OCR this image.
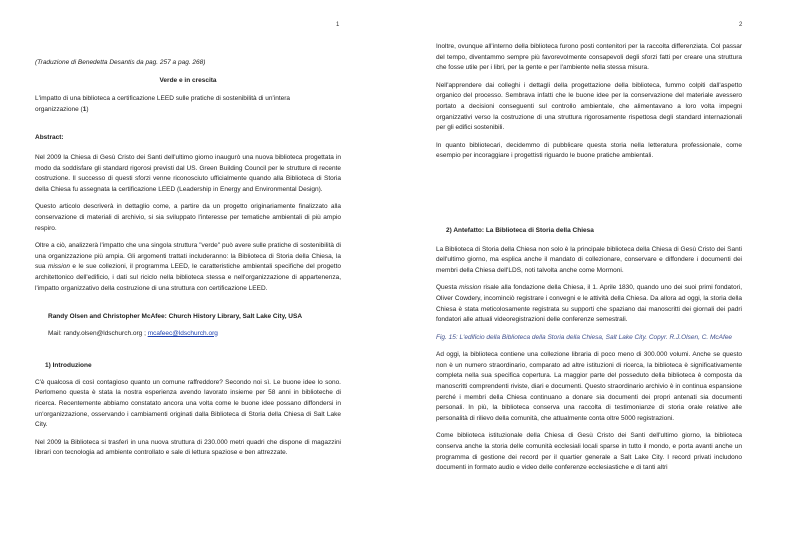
1

(Traduzione di Benedetta Desantis da pag. 257 a pag. 268)

Verde e in crescita

L'impatto di una biblioteca a certificazione LEED sulle pratiche di sostenibilità di un'intera
organizzazione (1)

Abstract:

Nel 2009 la Chiesa di Gesù Cristo dei Santi dell'ultimo giorno inaugurò una nuova biblioteca progettata in modo da soddisfare gli standard rigorosi previsti dal US. Green Building Council per le strutture di recente costruzione. Il successo di questi sforzi venne riconosciuto ufficialmente quando alla Biblioteca di Storia della Chiesa fu assegnata la certificazione LEED (Leadership in Energy and Environmental Design).

Questo articolo descriverà in dettaglio come, a partire da un progetto originariamente finalizzato alla conservazione di materiali di archivio, si sia sviluppato l'interesse per tematiche ambientali di più ampio respiro.

Oltre a ciò, analizzerà l'impatto che una singola struttura "verde" può avere sulle pratiche di sostenibilità di una organizzazione più ampia. Gli argomenti trattati includeranno: la Biblioteca di Storia della Chiesa, la sua mission e le sue collezioni, il programma LEED, le caratteristiche ambientali specifiche del progetto architettonico dell'edificio, i dati sul riciclo nella biblioteca stessa e nell'organizzazione di appartenenza, l'impatto organizzativo della costruzione di una struttura con certificazione LEED.

Randy Olsen and Christopher McAfee: Church History Library, Salt Lake City, USA

Mail: randy.olsen@ldschurch.org ; mcafeec@ldschurch.org

1) Introduzione

C'è qualcosa di così contagioso quanto un comune raffreddore? Secondo noi sì. Le buone idee lo sono. Perlomeno questa è stata la nostra esperienza avendo lavorato insieme per 58 anni in biblioteche di ricerca. Recentemente abbiamo constatato ancora una volta come le buone idee possano diffondersi in un'organizzazione, osservando i cambiamenti originati dalla Biblioteca di Storia della Chiesa di Salt Lake City.

Nel 2009 la Biblioteca si trasferì in una nuova struttura di 230.000 metri quadri che dispone di magazzini librari con tecnologia ad ambiente controllato e sale di lettura spaziose e ben attrezzate.

2

Inoltre, ovunque all'interno della biblioteca furono posti contenitori per la raccolta differenziata. Col passar del tempo, diventammo sempre più favorevolmente consapevoli degli sforzi fatti per creare una struttura che fosse utile per i libri, per la gente e per l'ambiente nella stessa misura.

Nell'apprendere dai colleghi i dettagli della progettazione della biblioteca, fummo colpiti dall'aspetto organico del processo. Sembrava infatti che le buone idee per la conservazione del materiale avessero portato a decisioni conseguenti sul controllo ambientale, che alimentavano a loro volta impegni organizzativi verso la costruzione di una struttura rigorosamente rispettosa degli standard internazionali per gli edifici sostenibili.

In quanto bibliotecari, decidemmo di pubblicare questa storia nella letteratura professionale, come esempio per incoraggiare i progettisti riguardo le buone pratiche ambientali.

2) Antefatto: La Biblioteca di Storia della Chiesa

La Biblioteca di Storia della Chiesa non solo è la principale biblioteca della Chiesa di Gesù Cristo dei Santi dell'ultimo giorno, ma esplica anche il mandato di collezionare, conservare e diffondere i documenti dei membri della Chiesa dell'LDS, noti talvolta anche come Mormoni.

Questa mission risale alla fondazione della Chiesa, il 1. Aprile 1830, quando uno dei suoi primi fondatori, Oliver Cowdery, incominciò registrare i convegni e le attività della Chiesa. Da allora ad oggi, la storia della Chiesa è stata meticolosamente registrata su supporti che spaziano dai manoscritti dei giornali dei padri fondatori alle attuali videoregistrazioni delle conferenze semestrali.

Fig. 15: L'edificio della Biblioteca della Storia della Chiesa, Salt Lake City. Copyr. R.J.Olsen, C. McAfee

Ad oggi, la biblioteca contiene una collezione libraria di poco meno di 300.000 volumi. Anche se questo non è un numero straordinario, comparato ad altre istituzioni di ricerca, la biblioteca è significativamente completa nella sua specifica copertura. La maggior parte del posseduto della biblioteca è composta da manoscritti comprendenti riviste, diari e documenti. Questo straordinario archivio è in continua espansione perché i membri della Chiesa continuano a donare sia documenti dei propri antenati sia documenti personali. In più, la biblioteca conserva una raccolta di testimonianze di storia orale relative alle personalità di rilievo della comunità, che attualmente conta oltre 5000 registrazioni.

Come biblioteca istituzionale della Chiesa di Gesù Cristo dei Santi dell'ultimo giorno, la biblioteca conserva anche la storia delle comunità ecclesiali locali sparse in tutto il mondo, e porta avanti anche un programma di gestione dei record per il quartier generale a Salt Lake City. I record privati includono documenti in formato audio e video delle conferenze ecclesiastiche e di tanti altri
